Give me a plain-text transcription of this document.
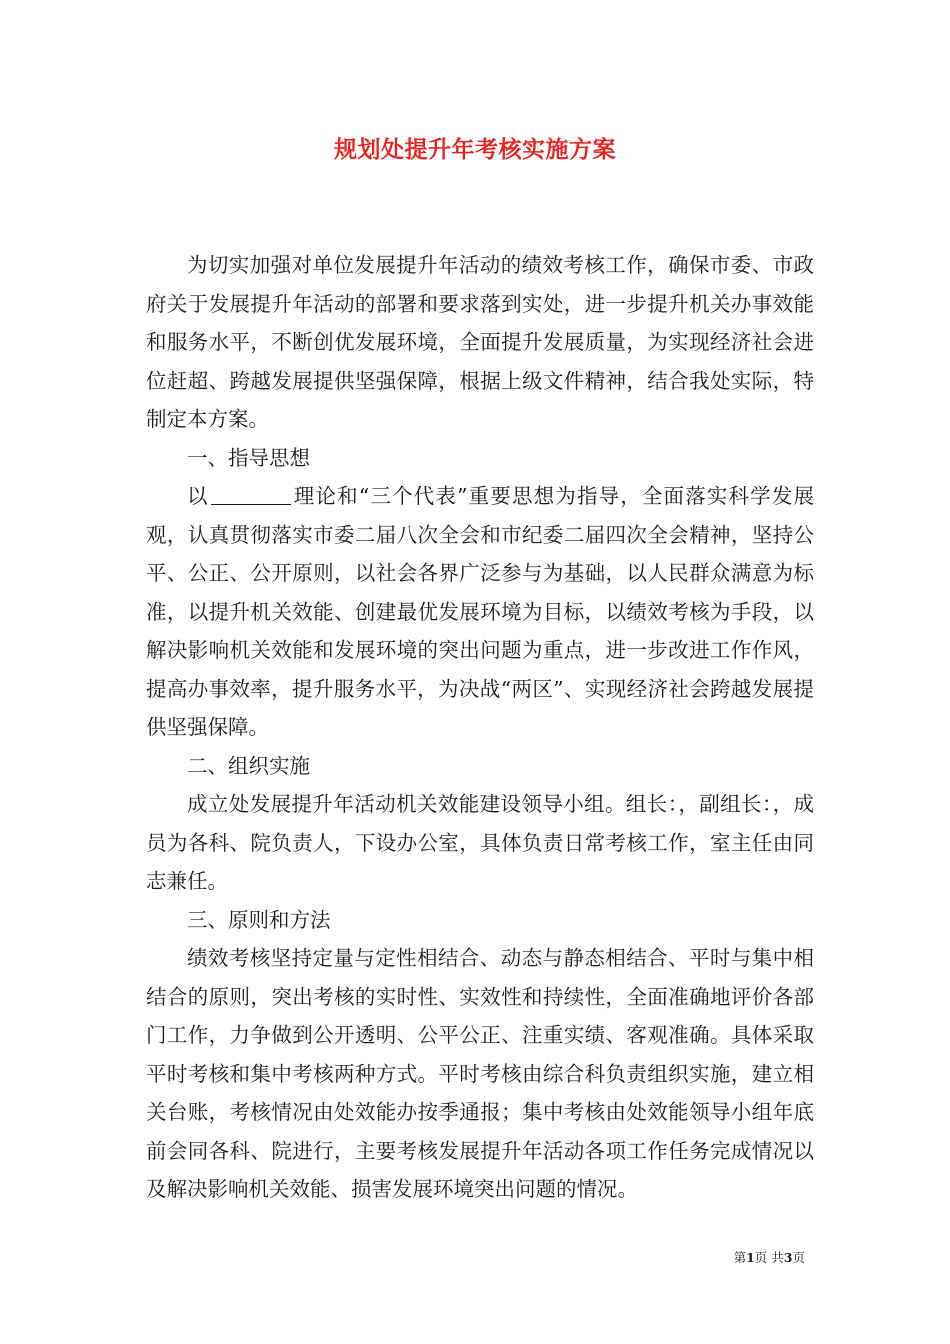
规划处提升年考核实施方案

为切实加强对单位发展提升年活动的绩效考核工作，确保市委、市政府关于发展提升年活动的部署和要求落到实处，进一步提升机关办事效能和服务水平，不断创优发展环境，全面提升发展质量，为实现经济社会进位赶超、跨越发展提供坚强保障，根据上级文件精神，结合我处实际，特制定本方案。

一、指导思想

以	理论和“三个代表”重要思想为指导，全面落实科学发展观，认真贯彻落实市委二届八次全会和市纪委二届四次全会精神，坚持公平、公正、公开原则，以社会各界广泛参与为基础，以人民群众满意为标准，以提升机关效能、创建最优发展环境为目标，以绩效考核为手段，以解决影响机关效能和发展环境的突出问题为重点，进一步改进工作作风，提高办事效率，提升服务水平，为决战“两区”、实现经济社会跨越发展提供坚强保障。

二、组织实施

成立处发展提升年活动机关效能建设领导小组。组长：，副组长：，成员为各科、院负责人，下设办公室，具体负责日常考核工作，室主任由同志兼任。

三、原则和方法

绩效考核坚持定量与定性相结合、动态与静态相结合、平时与集中相结合的原则，突出考核的实时性、实效性和持续性，全面准确地评价各部门工作，力争做到公开透明、公平公正、注重实绩、客观准确。具体采取平时考核和集中考核两种方式。平时考核由综合科负责组织实施，建立相关台账，考核情况由处效能办按季通报；集中考核由处效能领导小组年底前会同各科、院进行，主要考核发展提升年活动各项工作任务完成情况以及解决影响机关效能、损害发展环境突出问题的情况。

第1页 共3页
